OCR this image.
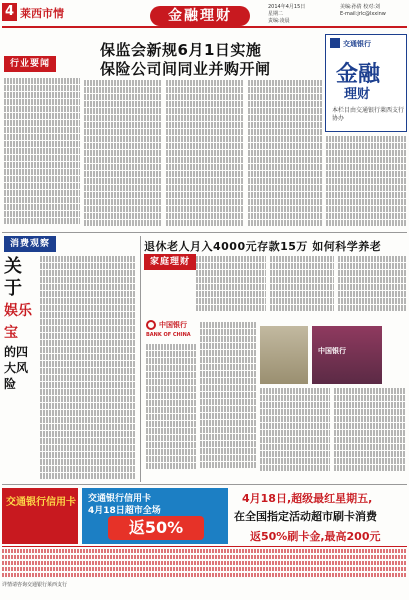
4 莱西市情	金融理财
2014年4月15日
星期二
责编:凌晨
美编:孙倩 校对:刘
E-mail:jrlc@lxxinw
行业要闻
保监会新规6月1日实施
保险公司间同业并购开闸
交通银行
金融
理财
本栏目由交通银行莱西支行协办
消费观察
关于
娱乐宝
的四大风险
退休老人月入4000元存款15万 如何科学养老
家庭理财
中国银行
BANK OF CHINA
中国银行
交通银行信用卡 交通银行信用卡
4月18日超市全场
返50%
4月18日,超级最红星期五,
在全国指定活动超市刷卡消费
返50%刷卡金,最高200元
详情请咨询交通银行莱西支行
